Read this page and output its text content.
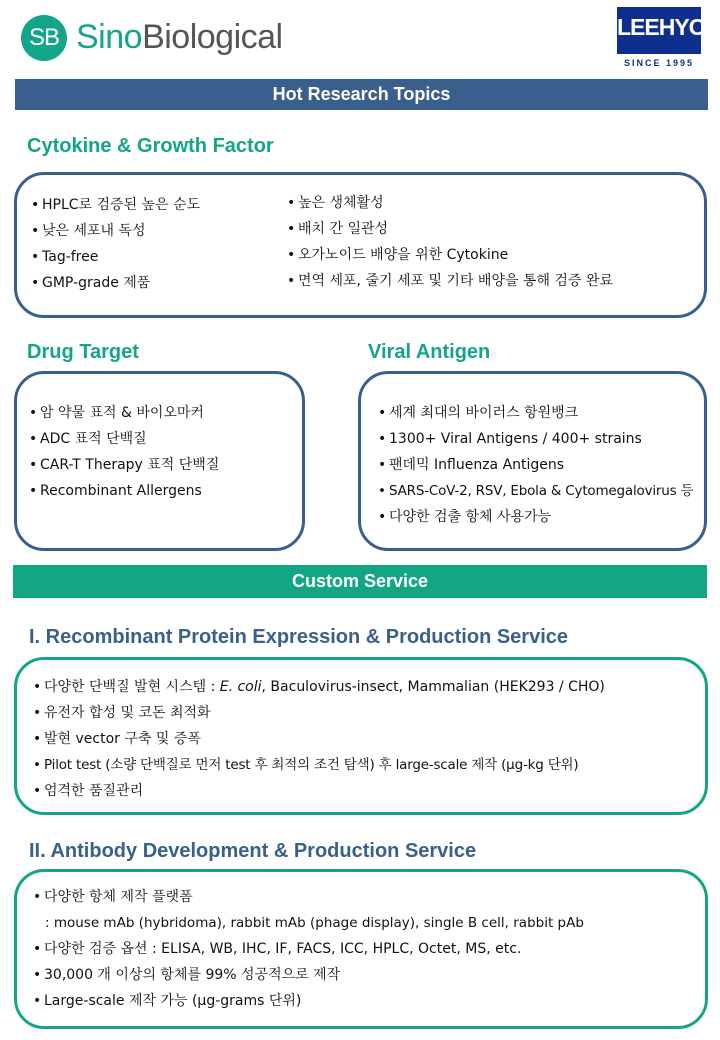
SB SinoBiological	LEEHYO
SINCE 1995
Hot Research Topics
Cytokine & Growth Factor
• HPLC로 검증된 높은 순도
• 낮은 세포내 독성
• Tag-free
• GMP-grade 제품
• 높은 생체활성
• 배치 간 일관성
• 오가노이드 배양을 위한 Cytokine
• 면역 세포, 줄기 세포 및 기타 배양을 통해 검증 완료
Drug Target
• 암 약물 표적 & 바이오마커
• ADC 표적 단백질
• CAR-T Therapy 표적 단백질
• Recombinant Allergens
Viral Antigen
• 세계 최대의 바이러스 항원뱅크
• 1300+ Viral Antigens / 400+ strains
• 팬데믹 Influenza Antigens
• SARS-CoV-2, RSV, Ebola & Cytomegalovirus 등
• 다양한 검출 항체 사용가능
Custom Service
I. Recombinant Protein Expression & Production Service
• 다양한 단백질 발현 시스템 : E. coli, Baculovirus-insect, Mammalian (HEK293 / CHO)
• 유전자 합성 및 코돈 최적화
• 발현 vector 구축 및 증폭
• Pilot test (소량 단백질로 먼저 test 후 최적의 조건 탐색) 후 large-scale 제작 (µg-kg 단위)
• 엄격한 품질관리
II. Antibody Development & Production Service
• 다양한 항체 제작 플랫폼
: mouse mAb (hybridoma), rabbit mAb (phage display), single B cell, rabbit pAb
• 다양한 검증 옵션 : ELISA, WB, IHC, IF, FACS, ICC, HPLC, Octet, MS, etc.
• 30,000 개 이상의 항체를 99% 성공적으로 제작
• Large-scale 제작 가능 (µg-grams 단위)
